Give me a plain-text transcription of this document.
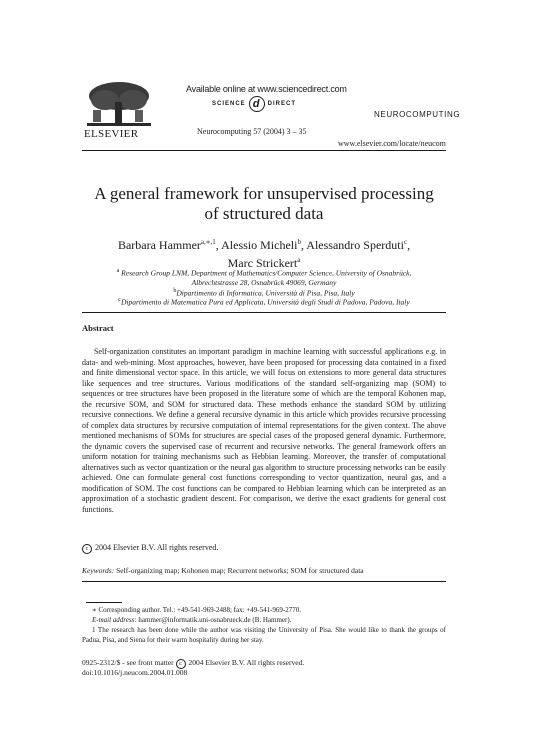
ELSEVIER
Available online at www.sciencedirect.com
SCIENCE d	DIRECT
NEUROCOMPUTING
Neurocomputing 57 (2004) 3 – 35
www.elsevier.com/locate/neucom
A general framework for unsupervised processing
of structured data
Barbara Hammer$^{a,∗,1}$, Alessio Micheli$^b$, Alessandro Sperduti$^c$,
Marc Strickert$^a$
$^a$ Research Group LNM, Department of Mathematics/Computer Science, University of Osnabrück,
Albrechtstrasse 28, Osnabrück 49069, Germany
$^b$Dipartimento di Informatica, Università di Pisa, Pisa, Italy
$^c$Dipartimento di Matematica Pura ed Applicata, Università degli Studi di Padova, Padova, Italy
Abstract
Self-organization constitutes an important paradigm in machine learning with successful applications e.g. in data- and web-mining. Most approaches, however, have been proposed for processing data contained in a fixed and finite dimensional vector space. In this article, we will focus on extensions to more general data structures like sequences and tree structures. Various modifications of the standard self-organizing map (SOM) to sequences or tree structures have been proposed in the literature some of which are the temporal Kohonen map, the recursive SOM, and SOM for structured data. These methods enhance the standard SOM by utilizing recursive connections. We define a general recursive dynamic in this article which provides recursive processing of complex data structures by recursive computation of internal representations for the given context. The above mentioned mechanisms of SOMs for structures are special cases of the proposed general dynamic. Furthermore, the dynamic covers the supervised case of recurrent and recursive networks. The general framework offers an uniform notation for training mechanisms such as Hebbian learning. Moreover, the transfer of computational alternatives such as vector quantization or the neural gas algorithm to structure processing networks can be easily achieved. One can formulate general cost functions corresponding to vector quantization, neural gas, and a modification of SOM. The cost functions can be compared to Hebbian learning which can be interpreted as an approximation of a stochastic gradient descent. For comparison, we derive the exact gradients for general cost functions.
c 2004 Elsevier B.V. All rights reserved.
Keywords: Self-organizing map; Kohonen map; Recurrent networks; SOM for structured data
∗ Corresponding author. Tel.: +49-541-969-2488; fax: +49-541-969-2770.
E-mail address: hammer@informatik.uni-osnabrueck.de (B. Hammer).
1 The research has been done while the author was visiting the University of Pisa. She would like to thank the groups of Padua, Pisa, and Siena for their warm hospitality during her stay.
0925-2312/$ - see front matter c 2004 Elsevier B.V. All rights reserved.
doi:10.1016/j.neucom.2004.01.008
